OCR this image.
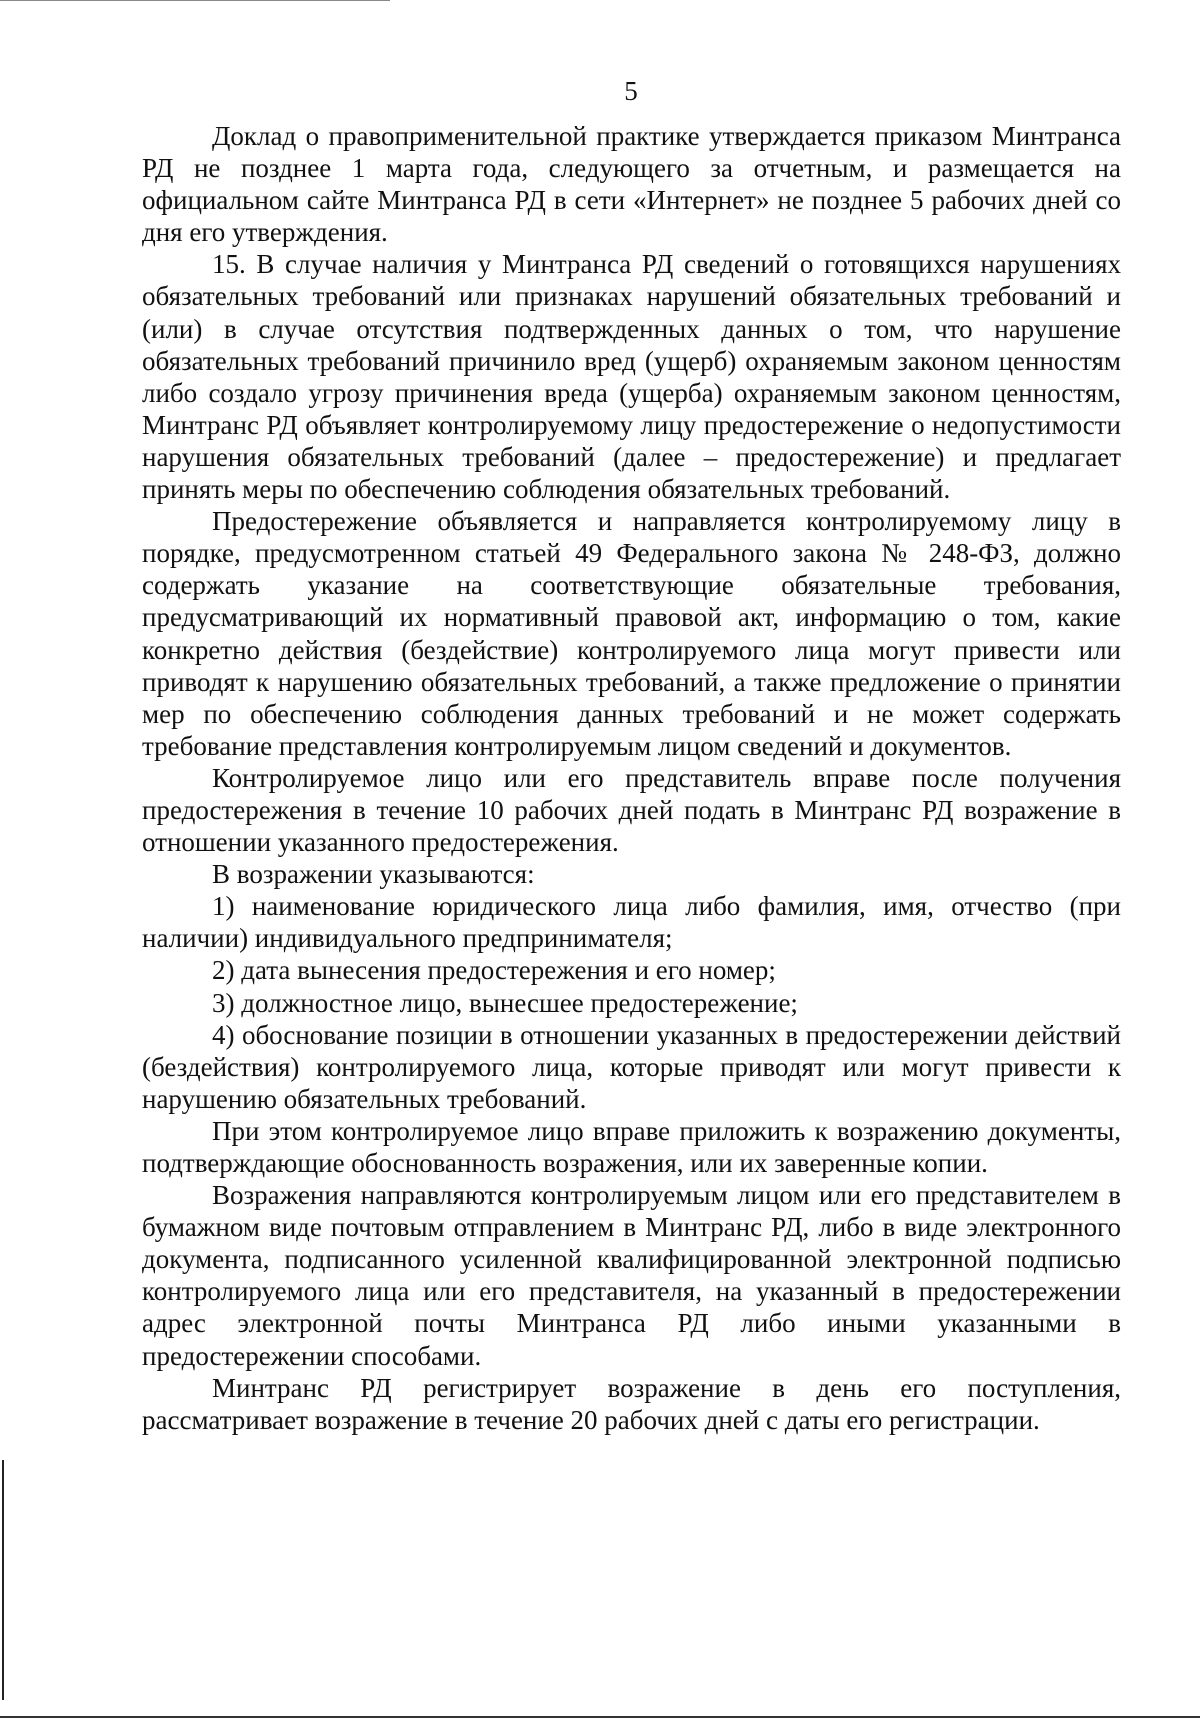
5

Доклад о правоприменительной практике утверждается приказом Минтранса РД не позднее 1 марта года, следующего за отчетным, и размещается на официальном сайте Минтранса РД в сети «Интернет» не позднее 5 рабочих дней со дня его утверждения.

15. В случае наличия у Минтранса РД сведений о готовящихся нарушениях обязательных требований или признаках нарушений обязательных требований и (или) в случае отсутствия подтвержденных данных о том, что нарушение обязательных требований причинило вред (ущерб) охраняемым законом ценностям либо создало угрозу причинения вреда (ущерба) охраняемым законом ценностям, Минтранс РД объявляет контролируемому лицу предостережение о недопустимости нарушения обязательных требований (далее – предостережение) и предлагает принять меры по обеспечению соблюдения обязательных требований.

Предостережение объявляется и направляется контролируемому лицу в порядке, предусмотренном статьей 49 Федерального закона № 248-ФЗ, должно содержать указание на соответствующие обязательные требования, предусматривающий их нормативный правовой акт, информацию о том, какие конкретно действия (бездействие) контролируемого лица могут привести или приводят к нарушению обязательных требований, а также предложение о принятии мер по обеспечению соблюдения данных требований и не может содержать требование представления контролируемым лицом сведений и документов.

Контролируемое лицо или его представитель вправе после получения предостережения в течение 10 рабочих дней подать в Минтранс РД возражение в отношении указанного предостережения.

В возражении указываются:

1) наименование юридического лица либо фамилия, имя, отчество (при наличии) индивидуального предпринимателя;

2) дата вынесения предостережения и его номер;

3) должностное лицо, вынесшее предостережение;

4) обоснование позиции в отношении указанных в предостережении действий (бездействия) контролируемого лица, которые приводят или могут привести к нарушению обязательных требований.

При этом контролируемое лицо вправе приложить к возражению документы, подтверждающие обоснованность возражения, или их заверенные копии.

Возражения направляются контролируемым лицом или его представителем в бумажном виде почтовым отправлением в Минтранс РД, либо в виде электронного документа, подписанного усиленной квалифицированной электронной подписью контролируемого лица или его представителя, на указанный в предостережении адрес электронной почты Минтранса РД либо иными указанными в предостережении способами.

Минтранс РД регистрирует возражение в день его поступления, рассматривает возражение в течение 20 рабочих дней с даты его регистрации.
